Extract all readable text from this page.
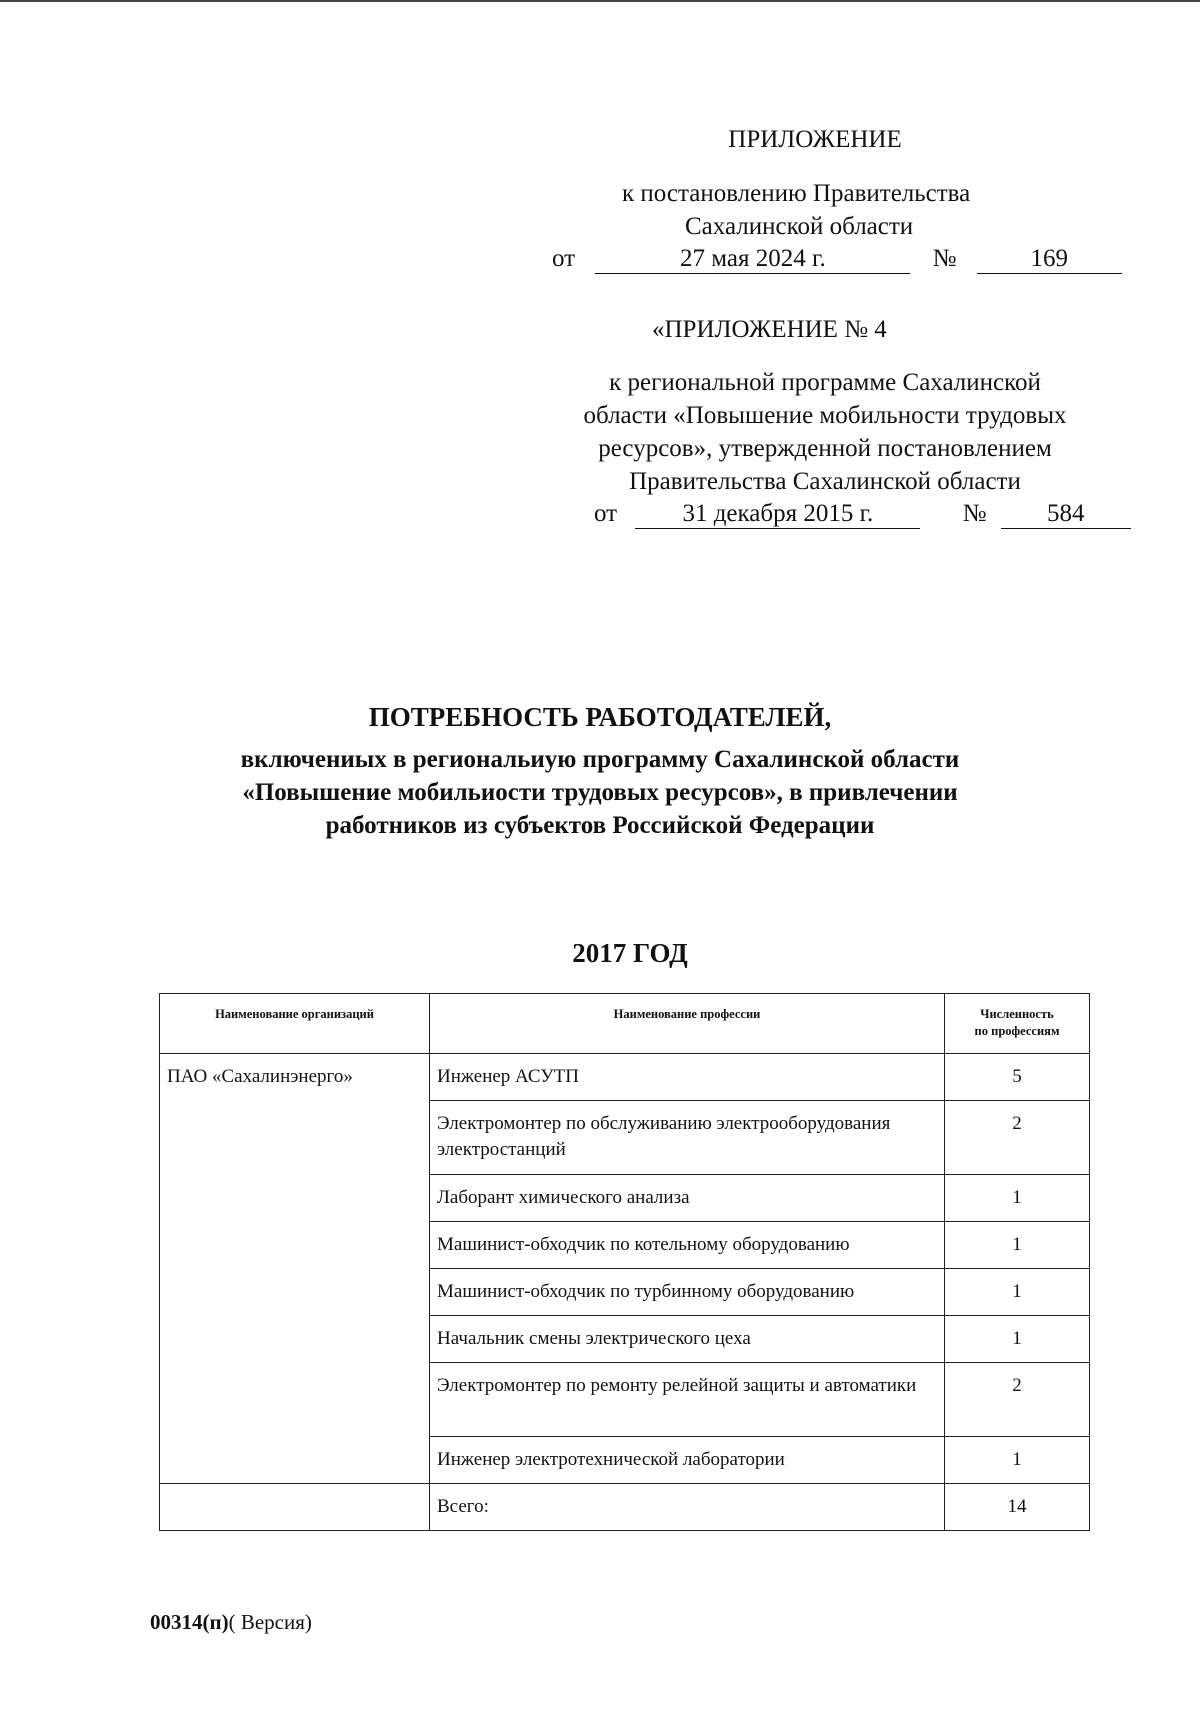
ПРИЛОЖЕНИЕ
к постановлению Правительства
Сахалинской области
от	27 мая 2024 г.	№	169
«ПРИЛОЖЕНИЕ № 4
к региональной программе Сахалинской
области «Повышение мобильности трудовых
ресурсов», утвержденной постановлением
Правительства Сахалинской области
от	31 декабря 2015 г.	№ 584
ПОТРЕБНОСТЬ РАБОТОДАТЕЛЕЙ,
включениых в региональиую программу Сахалинской области
«Повышение мобильиости трудовых ресурсов», в привлечении
работников из субъектов Российской Федерации
2017 ГОД
Наименование организаций	Наименование профессии	Численность
по профессиям
ПАО «Сахалинэнерго»	Инженер АСУТП	5
	Электромонтер по обслуживанию электрооборудования электростанций	2
	Лаборант химического анализа	1
	Машинист-обходчик по котельному оборудованию	1
	Машинист-обходчик по турбинному оборудованию	1
	Начальник смены электрического цеха	1
	Электромонтер по ремонту релейной защиты и автоматики	2
	Инженер электротехнической лаборатории	1
	Всего:	14
00314(п)( Версия)
